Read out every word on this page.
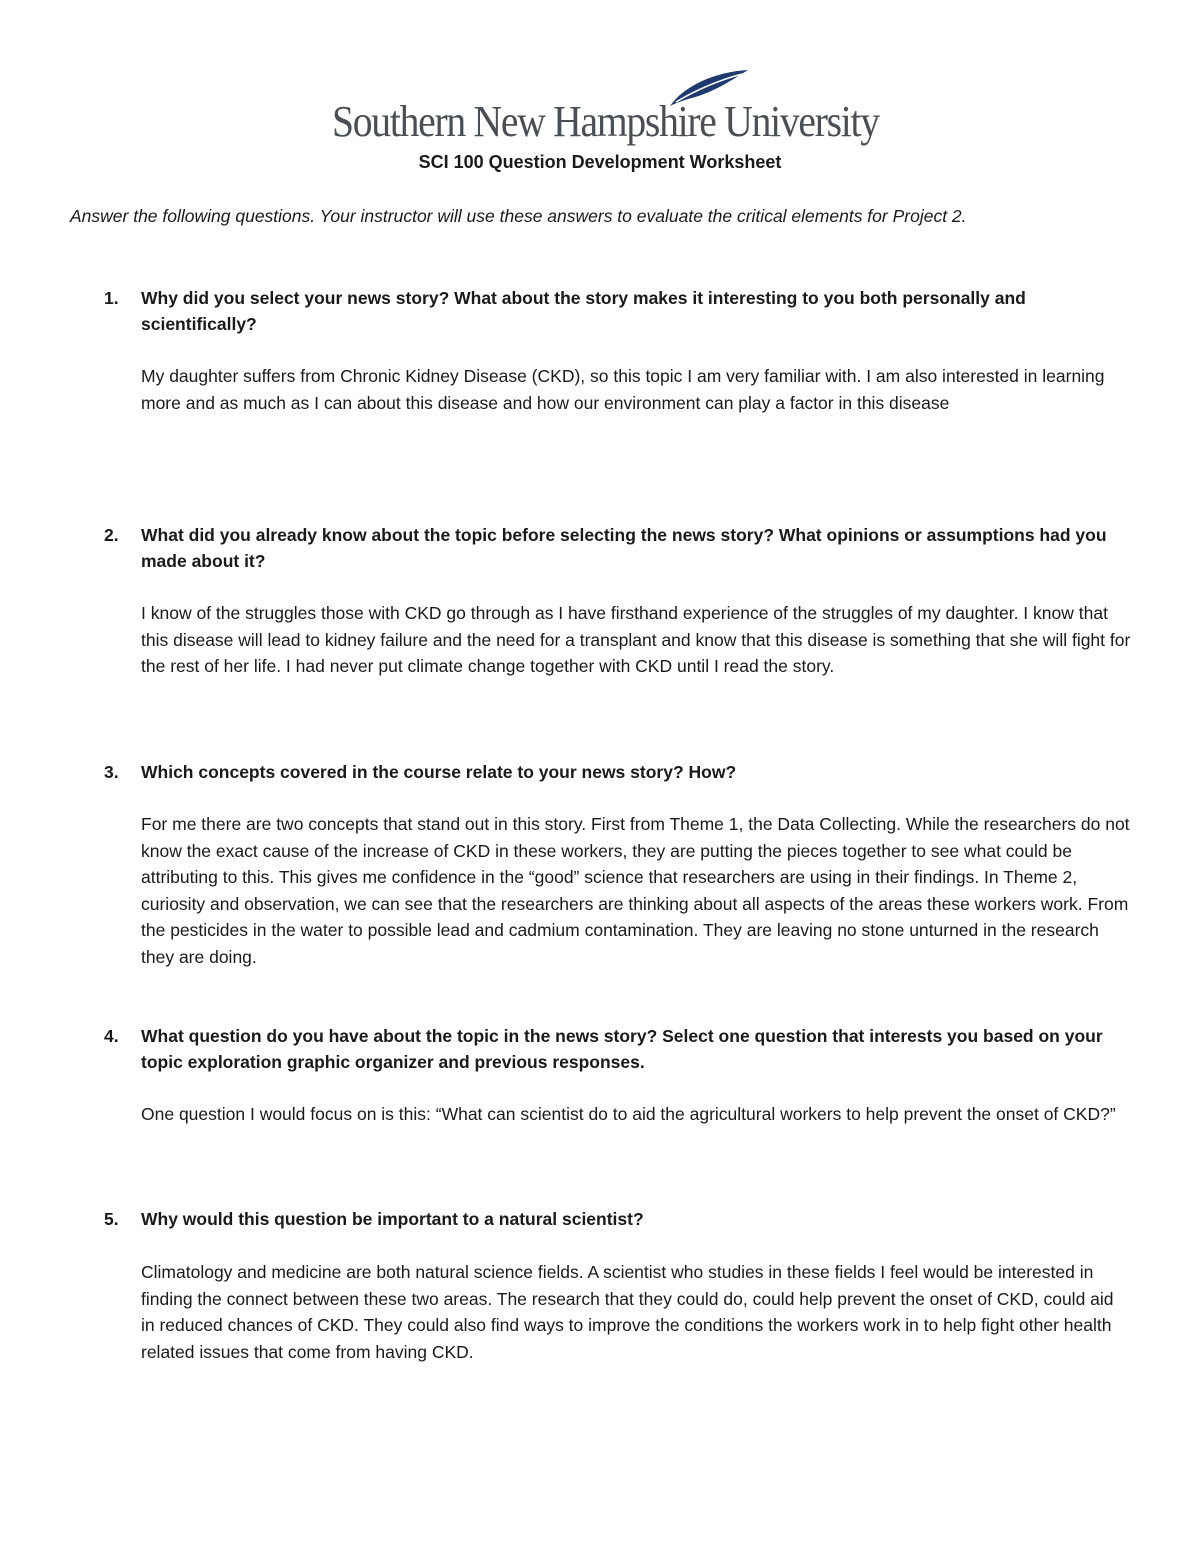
Southern New Hampshire University
SCI 100 Question Development Worksheet
Answer the following questions. Your instructor will use these answers to evaluate the critical elements for Project 2.
1. Why did you select your news story? What about the story makes it interesting to you both personally and scientifically?
My daughter suffers from Chronic Kidney Disease (CKD), so this topic I am very familiar with. I am also interested in learning more and as much as I can about this disease and how our environment can play a factor in this disease
2. What did you already know about the topic before selecting the news story? What opinions or assumptions had you made about it?
I know of the struggles those with CKD go through as I have firsthand experience of the struggles of my daughter. I know that this disease will lead to kidney failure and the need for a transplant and know that this disease is something that she will fight for the rest of her life. I had never put climate change together with CKD until I read the story.
3. Which concepts covered in the course relate to your news story? How?
For me there are two concepts that stand out in this story. First from Theme 1, the Data Collecting. While the researchers do not know the exact cause of the increase of CKD in these workers, they are putting the pieces together to see what could be attributing to this. This gives me confidence in the “good” science that researchers are using in their findings. In Theme 2, curiosity and observation, we can see that the researchers are thinking about all aspects of the areas these workers work. From the pesticides in the water to possible lead and cadmium contamination. They are leaving no stone unturned in the research they are doing.
4. What question do you have about the topic in the news story? Select one question that interests you based on your topic exploration graphic organizer and previous responses.
One question I would focus on is this: “What can scientist do to aid the agricultural workers to help prevent the onset of CKD?”
5. Why would this question be important to a natural scientist?
Climatology and medicine are both natural science fields. A scientist who studies in these fields I feel would be interested in finding the connect between these two areas. The research that they could do, could help prevent the onset of CKD, could aid in reduced chances of CKD. They could also find ways to improve the conditions the workers work in to help fight other health related issues that come from having CKD.
